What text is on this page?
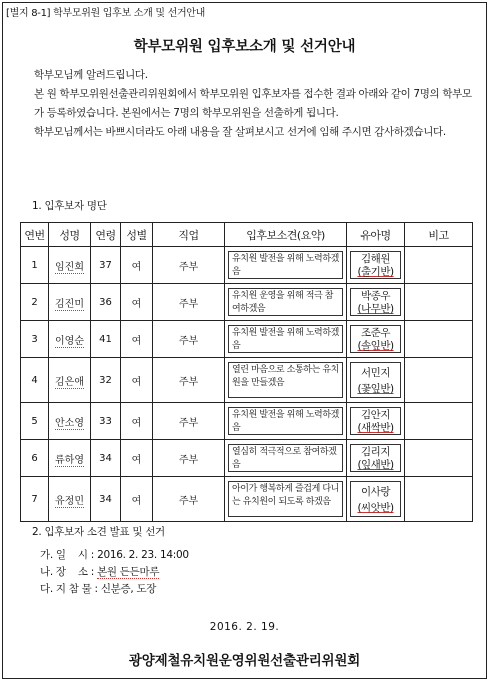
[별지 8-1] 학부모위원 입후보 소개 및 선거안내
학부모위원 입후보소개 및 선거안내

학부모님께 알려드립니다.

본 원 학부모위원선출관리위원회에서 학부모위원 입후보자를 접수한 결과 아래와 같이 7명의 학부모가 등록하였습니다. 본원에서는 7명의 학부모위원을 선출하게 됩니다.

학부모님께서는 바쁘시더라도 아래 내용을 잘 살펴보시고 선거에 임해 주시면 감사하겠습니다.

1. 입후보자 명단
연번	성명	연령	성별	직업	입후보소견(요약)	유아명	비고
1	임진희	37	여	주부	유치원 발전을 위해 노력하겠음	김해원
(출기반)	

2	김진미	36	여	주부	유치원 운영을 위해 적극 참여하겠음	박종우
(나무반)	

3	이영순	41	여	주부	유치원 발전을 위해 노력하겠음	조준우
(솔잎반)	

4	김은애	32	여	주부	열린 마음으로 소통하는 유치원을 만들겠음	서민지
(꽃잎반)	

5	안소영	33	여	주부	유치원 발전을 위해 노력하겠음	김안지
(새싹반)	

6	류하영	34	여	주부	열심히 적극적으로 참여하겠음	김리지
(잎새반)	

7	유정민	34	여	주부	아이가 행복하게 즐겁게 다니는 유치원이 되도록 하겠음	이사랑
(씨앗반)	

2. 입후보자 소견 발표 및 선거
가. 일    시 : 2016. 2. 23. 14:00
나. 장    소 : 본원 든든마루
다. 지 참 물 : 신분증, 도장
2016. 2. 19.
광양제철유치원운영위원선출관리위원회
